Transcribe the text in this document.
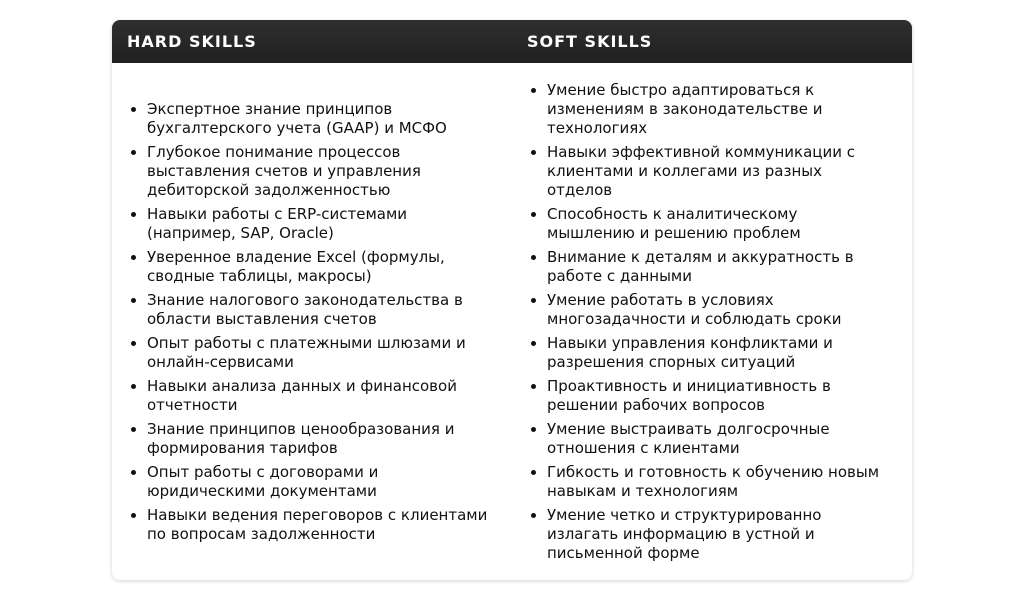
HARD SKILLS	SOFT SKILLS
• Экспертное знание принципов бухгалтерского учета (GAAP) и МСФО
• Глубокое понимание процессов выставления счетов и управления дебиторской задолженностью
• Навыки работы с ERP-системами (например, SAP, Oracle)
• Уверенное владение Excel (формулы, сводные таблицы, макросы)
• Знание налогового законодательства в области выставления счетов
• Опыт работы с платежными шлюзами и онлайн-сервисами
• Навыки анализа данных и финансовой отчетности
• Знание принципов ценообразования и формирования тарифов
• Опыт работы с договорами и юридическими документами
• Навыки ведения переговоров с клиентами по вопросам задолженности
• Умение быстро адаптироваться к изменениям в законодательстве и технологиях
• Навыки эффективной коммуникации с клиентами и коллегами из разных отделов
• Способность к аналитическому мышлению и решению проблем
• Внимание к деталям и аккуратность в работе с данными
• Умение работать в условиях многозадачности и соблюдать сроки
• Навыки управления конфликтами и разрешения спорных ситуаций
• Проактивность и инициативность в решении рабочих вопросов
• Умение выстраивать долгосрочные отношения с клиентами
• Гибкость и готовность к обучению новым навыкам и технологиям
• Умение четко и структурированно излагать информацию в устной и письменной форме
